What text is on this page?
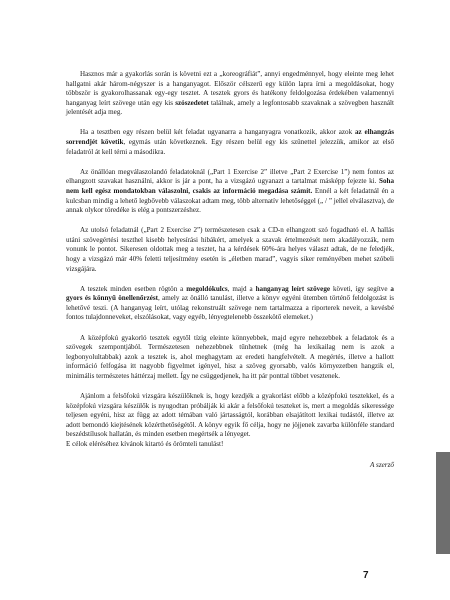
Hasznos már a gyakorlás során is követni ezt a „koreográfiát”, annyi engedménnyel, hogy eleinte meg lehet hallgatni akár három-négyszer is a hanganyagot. Először célszerű egy külön lapra írni a megoldásokat, hogy többször is gyakorolhassanak egy-egy tesztet. A tesztek gyors és hatékony feldolgozása érdekében valamennyi hanganyag leírt szövege után egy kis szószedetet találnak, amely a legfontosabb szavaknak a szövegben használt jelentését adja meg.

Ha a tesztben egy részen belül két feladat ugyanarra a hanganyagra vonatkozik, akkor azok az elhangzás sorrendjét követik, egymás után következnek. Egy részen belül egy kis szünettel jelezzük, amikor az első feladatról át kell térni a másodikra.

Az önállóan megválaszolandó feladatoknál („Part 1 Exercise 2” illetve „Part 2 Exercise 1”) nem fontos az elhangzott szavakat használni, akkor is jár a pont, ha a vizsgázó ugyanazt a tartalmat másképp fejezte ki. Soha nem kell egész mondatokban válaszolni, csakis az információ megadása számít. Ennél a két feladatnál én a kulcsban mindig a lehető legbővebb válaszokat adtam meg, több alternatív lehetőséggel („ / ” jellel elválasztva), de annak olykor töredéke is elég a pontszerzéshez.

Az utolsó feladatnál („Part 2 Exercise 2”) természetesen csak a CD-n elhangzott szó fogadható el. A hallás utáni szövegértési teszthel kisebb helyesírási hibákért, amelyek a szavak értelmezését nem akadályozzák, nem vonunk le pontot. Sikeresen oldottak meg a tesztet, ha a kérdések 60%-ára helyes választ adtak, de ne feledjék, hogy a vizsgázó már 40% feletti teljesítmény esetén is „életben marad”, vagyis siker reményében mehet szóbeli vizsgájára.

A tesztek minden esetben rögtön a megoldókulcs, majd a hanganyag leírt szövege követi, így segítve a gyors és könnyű önellenőrzést, amely az önálló tanulást, illetve a könyv egyéni ütemben történő feldolgozást is lehetővé teszi. (A hanganyag leírt, utólag rekonstruált szövege nem tartalmazza a riporterek neveit, a kevésbé fontos tulajdonneveket, elszólásokat, vagy egyéb, lényegtelenebb összekötő elemeket.)

A középfokú gyakorló tesztek egytől tízig eleinte könnyebbek, majd egyre nehezebbek a feladatok és a szövegek szempontjából. Természetesen nehezebbnek tűnhetnek (még ha lexikailag nem is azok a legbonyolultabbak) azok a tesztek is, ahol meghagytam az eredeti hangfelvételt. A megértés, illetve a hallott információ felfogása itt nagyobb figyelmet igényel, hisz a szöveg gyorsabb, valós környezetben hangzik el, minimális természetes háttérzaj mellett. Így ne csüggedjenek, ha itt pár ponttal többet vesztenek.

Ajánlom a felsőfokú vizsgára készülőknek is, hogy kezdjék a gyakorlást előbb a középfokú tesztekkel, és a középfokú vizsgára készülők is nyugodtan próbálják ki akár a felsőfokú teszteket is, mert a megoldás sikeressége teljesen egyéni, hisz az függ az adott témában való jártasságtól, korábban elsajátított lexikai tudástól, illetve az adott bemondó kiejtésének közérthetőségétől. A könyv egyik fő célja, hogy ne jöjjenek zavarba különféle standard beszédstílusok hallatán, és minden esetben megértsék a lényeget.
E célok eléréséhez kívánok kitartó és örömteli tanulást!

A szerző

7
